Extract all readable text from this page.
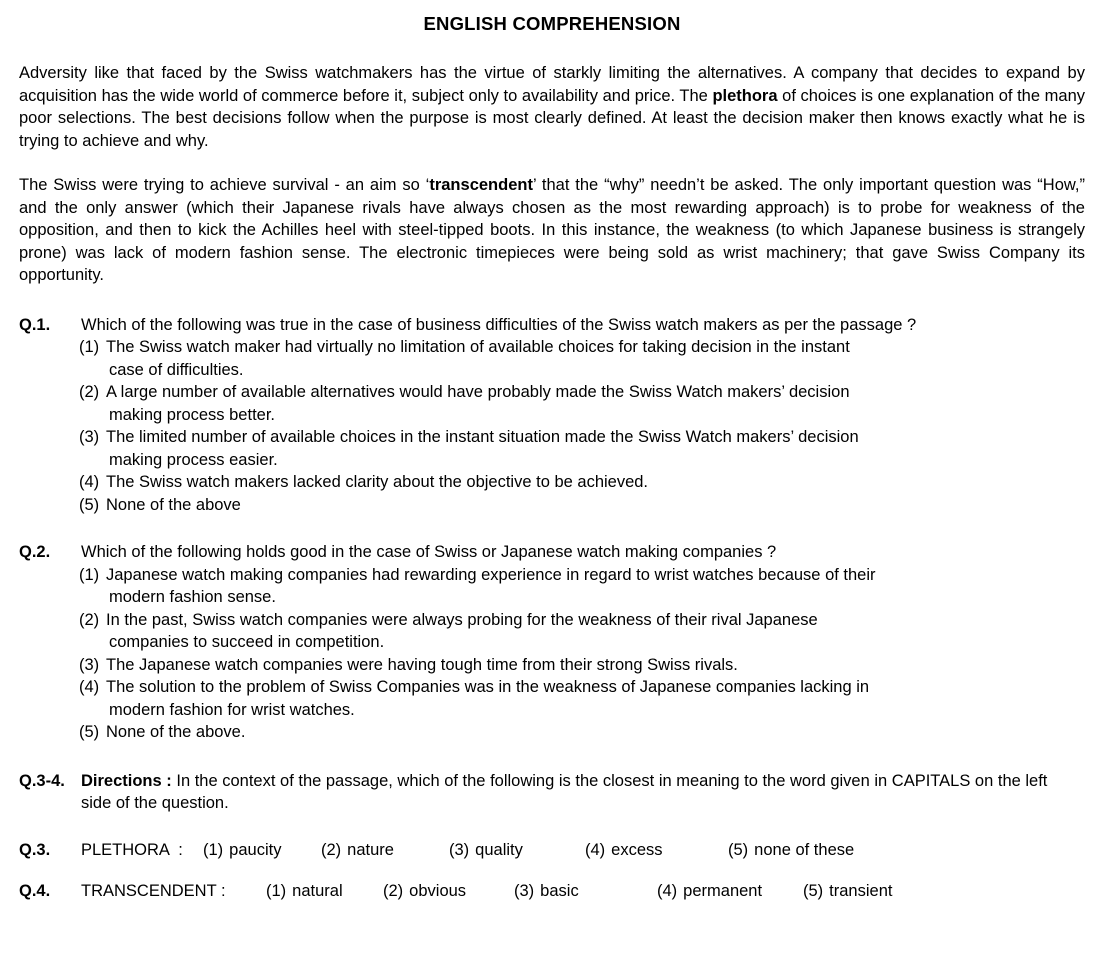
ENGLISH COMPREHENSION

Adversity like that faced by the Swiss watchmakers has the virtue of starkly limiting the alternatives. A company that decides to expand by acquisition has the wide world of commerce before it, subject only to availability and price. The plethora of choices is one explanation of the many poor selections. The best decisions follow when the purpose is most clearly defined. At least the decision maker then knows exactly what he is trying to achieve and why.

The Swiss were trying to achieve survival - an aim so ‘transcendent’ that the “why” needn’t be asked. The only important question was “How,” and the only answer (which their Japanese rivals have always chosen as the most rewarding approach) is to probe for weakness of the opposition, and then to kick the Achilles heel with steel-tipped boots. In this instance, the weakness (to which Japanese business is strangely prone) was lack of modern fashion sense. The electronic timepieces were being sold as wrist machinery; that gave Swiss Company its opportunity.

Q.1.	Which of the following was true in the case of business difficulties of the Swiss watch makers as per the passage ?
(1) The Swiss watch maker had virtually no limitation of available choices for taking decision in the instant
case of difficulties.
(2) A large number of available alternatives would have probably made the Swiss Watch makers’ decision
making process better.
(3) The limited number of available choices in the instant situation made the Swiss Watch makers’ decision
making process easier.
(4) The Swiss watch makers lacked clarity about the objective to be achieved.
(5) None of the above
Q.2.	Which of the following holds good in the case of Swiss or Japanese watch making companies ?
(1) Japanese watch making companies had rewarding experience in regard to wrist watches because of their
modern fashion sense.
(2) In the past, Swiss watch companies were always probing for the weakness of their rival Japanese
companies to succeed in competition.
(3) The Japanese watch companies were having tough time from their strong Swiss rivals.
(4) The solution to the problem of Swiss Companies was in the weakness of Japanese companies lacking in
modern fashion for wrist watches.
(5) None of the above.
Q.3-4. Directions : In the context of the passage, which of the following is the closest in meaning to the word given in CAPITALS on the left side of the question.
Q.3.	PLETHORA  :	(1) paucity	(2) nature	(3) quality	(4) excess	(5) none of these
Q.4.	TRANSCENDENT :	(1) natural	(2) obvious	(3) basic	(4) permanent	(5) transient
